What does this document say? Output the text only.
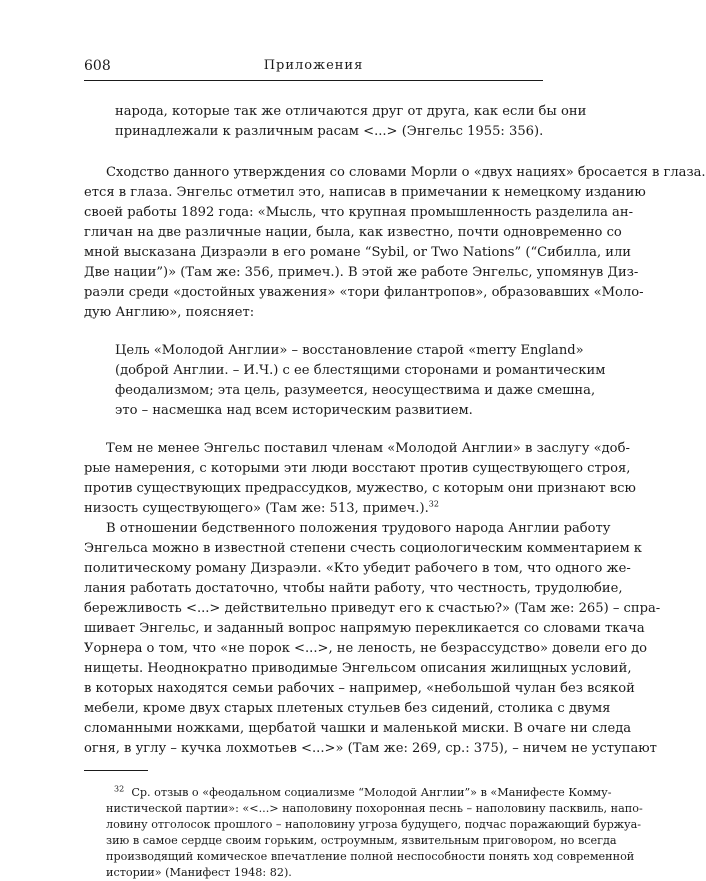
608	Приложения
народа, которые так же отличаются друг от друга, как если бы они
принадлежали к различным расам <...> (Энгельс 1955: 356).
Сходство данного утверждения со словами Морли о «двух нациях» бросается в глаза.
ется в глаза. Энгельс отметил это, написав в примечании к немецкому изданию
своей работы 1892 года: «Мысль, что крупная промышленность разделила ан-
гличан на две различные нации, была, как известно, почти одновременно со
мной высказана Дизраэли в его романе “Sybil, or Two Nations” (“Сибилла, или
Две нации”)» (Там же: 356, примеч.). В этой же работе Энгельс, упомянув Диз-
раэли среди «достойных уважения» «тори филантропов», образовавших «Моло-
дую Англию», поясняет:
Цель «Молодой Англии» – восстановление старой «merry England»
(доброй Англии. – И.Ч.) с ее блестящими сторонами и романтическим
феодализмом; эта цель, разумеется, неосуществима и даже смешна,
это – насмешка над всем историческим развитием.
Тем не менее Энгельс поставил членам «Молодой Англии» в заслугу «доб-
рые намерения, с которыми эти люди восстают против существующего строя,
против существующих предрассудков, мужество, с которым они признают всю
низость существующего» (Там же: 513, примеч.).$^{32}$
В отношении бедственного положения трудового народа Англии работу
Энгельса можно в известной степени счесть социологическим комментарием к
политическому роману Дизраэли. «Кто убедит рабочего в том, что одного же-
лания работать достаточно, чтобы найти работу, что честность, трудолюбие,
бережливость <...> действительно приведут его к счастью?» (Там же: 265) – спра-
шивает Энгельс, и заданный вопрос напрямую перекликается со словами ткача
Уорнера о том, что «не порок <...>, не леность, не безрассудство» довели его до
нищеты. Неоднократно приводимые Энгельсом описания жилищных условий,
в которых находятся семьи рабочих – например, «небольшой чулан без всякой
мебели, кроме двух старых плетеных стульев без сидений, столика с двумя
сломанными ножками, щербатой чашки и маленькой миски. В очаге ни следа
огня, в углу – кучка лохмотьев <...>» (Там же: 269, ср.: 375), – ничем не уступают
$^{32}$ Ср. отзыв о «феодальном социализме “Молодой Англии”» в «Манифесте Комму-
нистической партии»: «<...> наполовину похоронная песнь – наполовину пасквиль, напо-
ловину отголосок прошлого – наполовину угроза будущего, подчас поражающий буржуа-
зию в самое сердце своим горьким, остроумным, язвительным приговором, но всегда
производящий комическое впечатление полной неспособности понять ход современной
истории» (Манифест 1948: 82).
